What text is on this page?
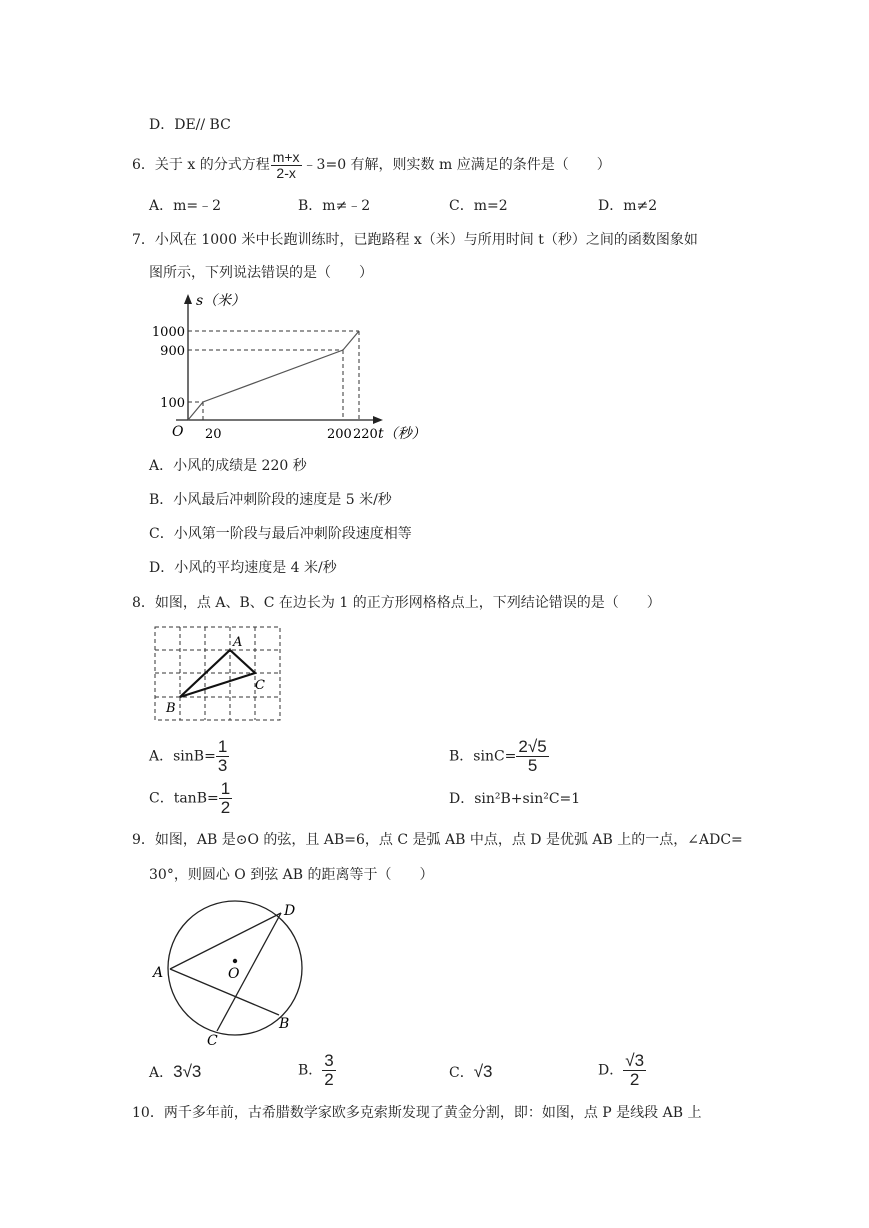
D．DE// BC
6．关于 x 的分式方程 $\frac{m+x}{2-x}$ ﹣3=0 有解，则实数 m 应满足的条件是（　　）
A．m=﹣2	B．m≠﹣2	C．m=2	D．m≠2
7．小风在 1000 米中长跑训练时，已跑路程 x（米）与所用时间 t（秒）之间的函数图象如
图所示，下列说法错误的是（　　）
20	200 220
100
900
1000
s（米）
t（秒）
O
A．小风的成绩是 220 秒
B．小风最后冲刺阶段的速度是 5 米/秒
C．小风第一阶段与最后冲刺阶段速度相等
D．小风的平均速度是 4 米/秒
8．如图，点 A、B、C 在边长为 1 的正方形网格格点上，下列结论错误的是（　　）
A
C
B
A．$\sin B= \frac{1}{3}$	B．$\sin C= \frac{2√5}{5}$
C．$\tan B= \frac{1}{2}$	D．sin²B+sin²C=1
9．如图，AB 是⊙O 的弦，且 AB=6，点 C 是弧 AB 中点，点 D 是优弧 AB 上的一点，∠ADC=
30°，则圆心 O 到弦 AB 的距离等于（　　）
O
A
D
B
C
A．3√3	B． $\frac{3}{2}$	C．√3	D． $\frac{√3}{2}$
10．两千多年前，古希腊数学家欧多克索斯发现了黄金分割，即：如图，点 P 是线段 AB 上
